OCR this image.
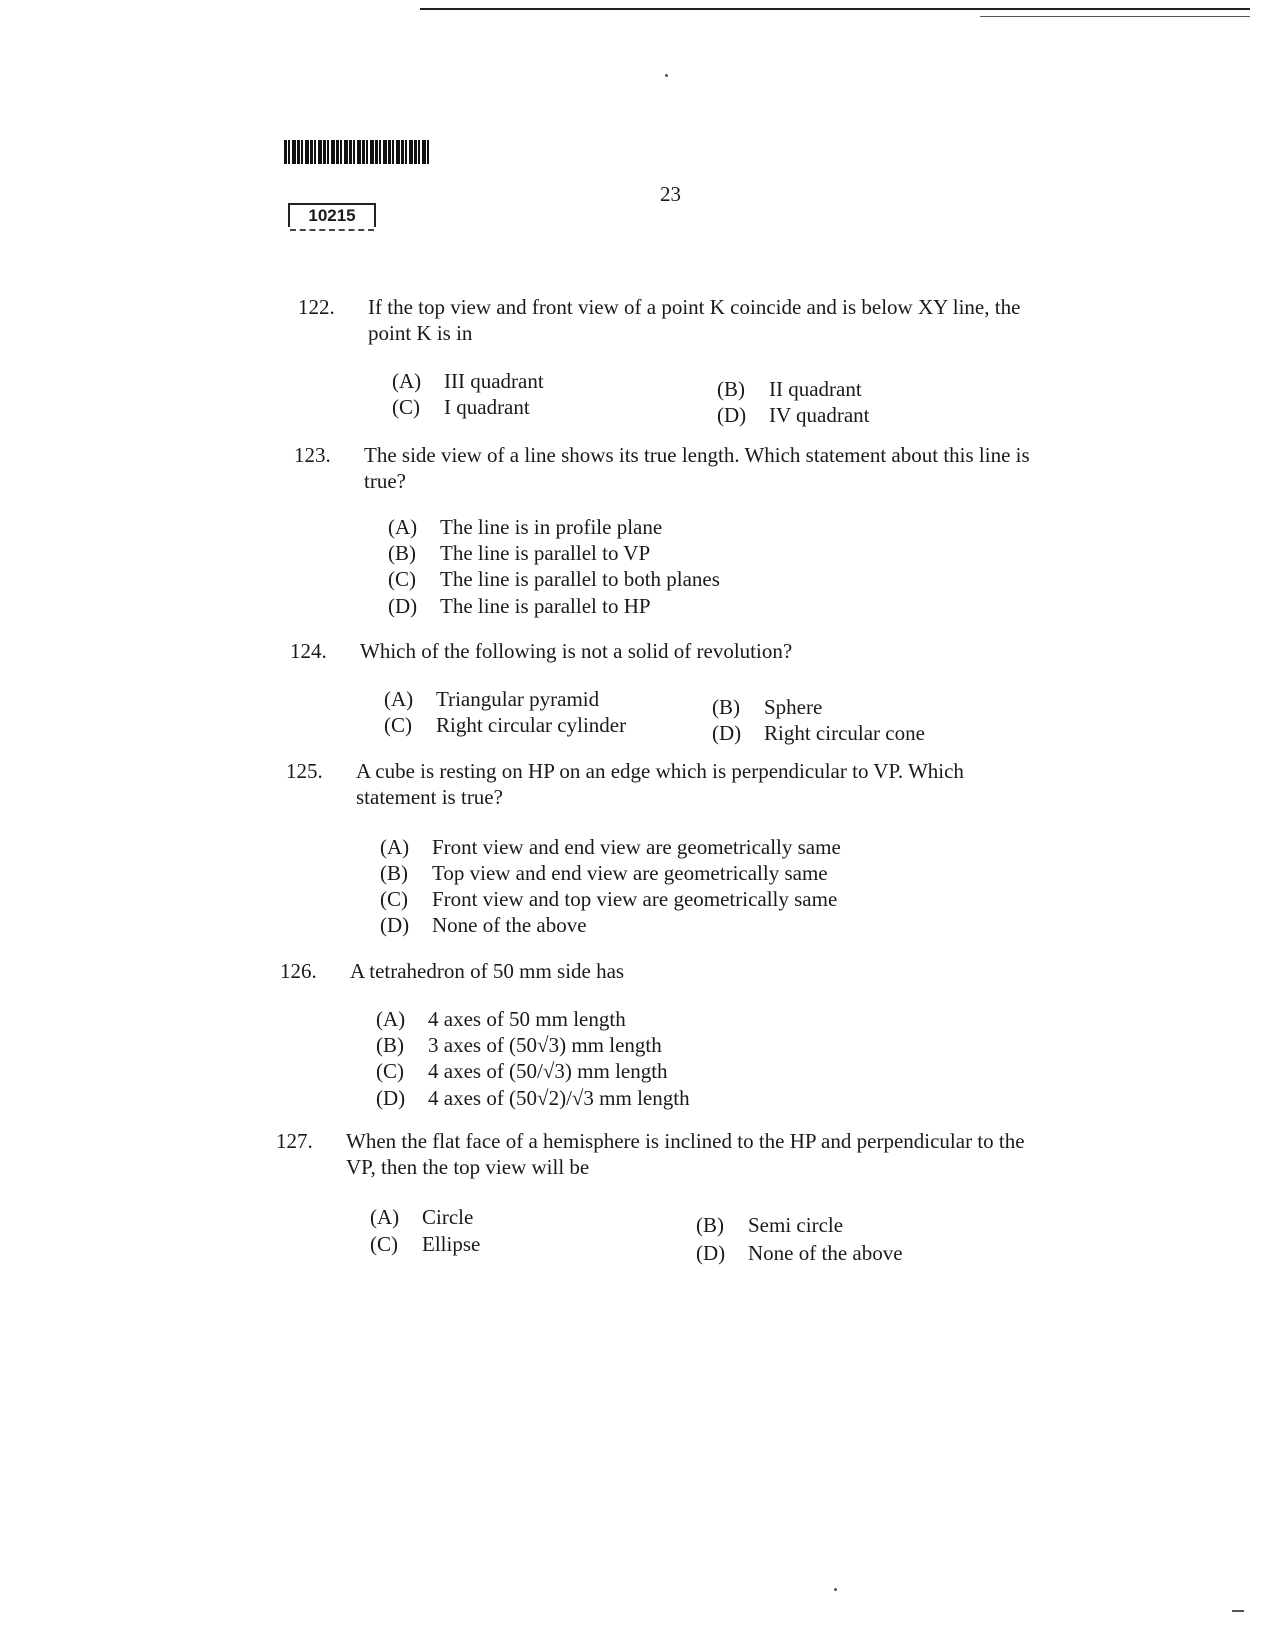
10215
23
122. If the top view and front view of a point K coincide and is below XY line, the point K is in
(A) III quadrant	(B) II quadrant
(C) I quadrant	(D) IV quadrant
123. The side view of a line shows its true length. Which statement about this line is true?
(A) The line is in profile plane
(B) The line is parallel to VP
(C) The line is parallel to both planes
(D) The line is parallel to HP
124. Which of the following is not a solid of revolution?
(A) Triangular pyramid	(B) Sphere
(C) Right circular cylinder	(D) Right circular cone
125. A cube is resting on HP on an edge which is perpendicular to VP. Which statement is true?
(A) Front view and end view are geometrically same
(B) Top view and end view are geometrically same
(C) Front view and top view are geometrically same
(D) None of the above
126. A tetrahedron of 50 mm side has
(A) 4 axes of 50 mm length
(B) 3 axes of (50√3) mm length
(C) 4 axes of (50/√3) mm length
(D) 4 axes of (50√2)/√3 mm length
127. When the flat face of a hemisphere is inclined to the HP and perpendicular to the VP, then the top view will be
(A) Circle	(B) Semi circle
(C) Ellipse	(D) None of the above
